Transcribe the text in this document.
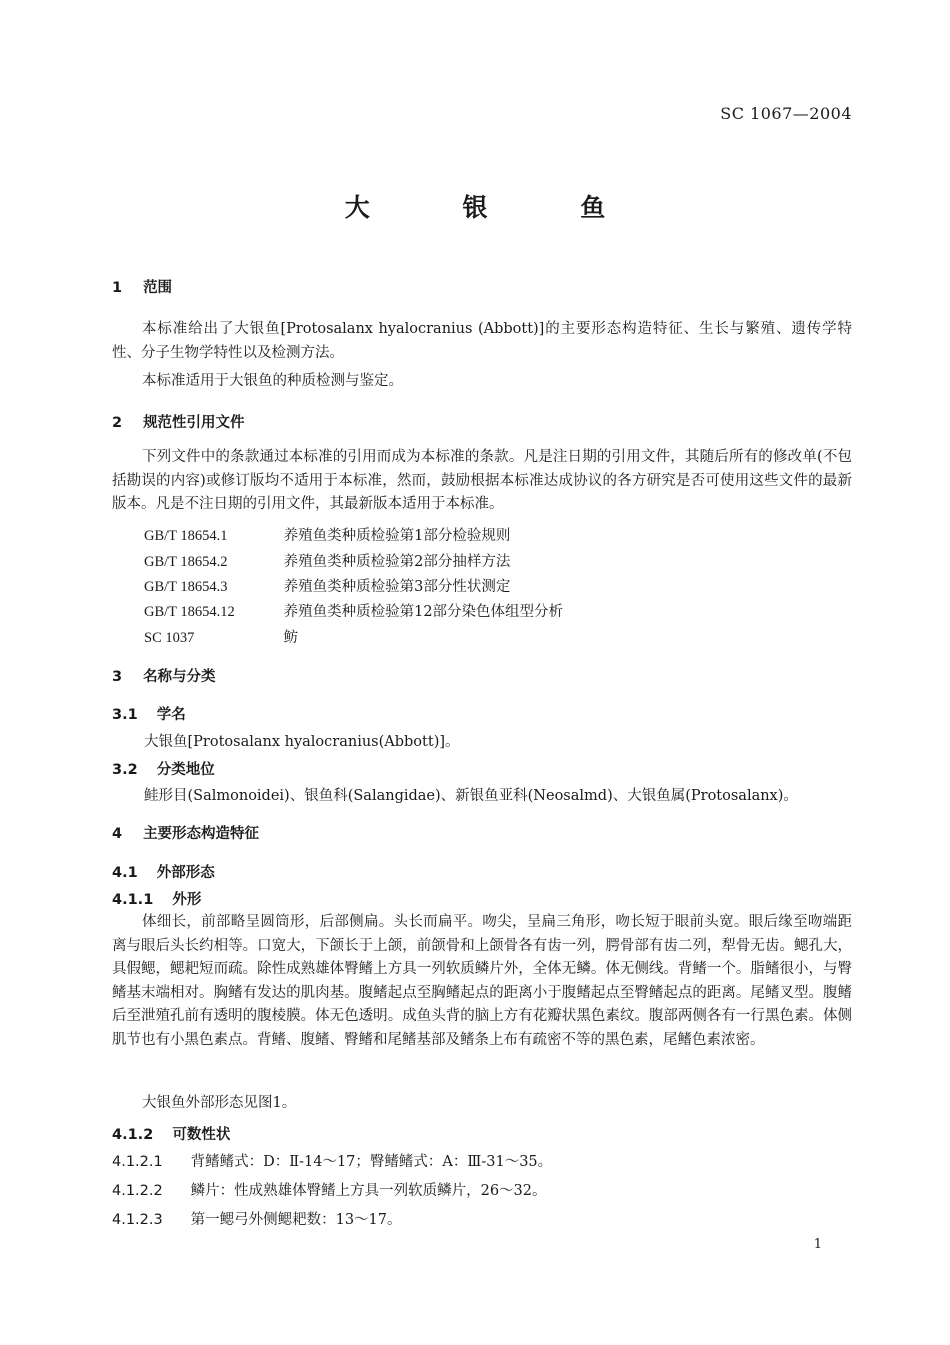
SC 1067—2004
大 银 鱼
1 范围
本标准给出了大银鱼[Protosalanx hyalocranius (Abbott)]的主要形态构造特征、生长与繁殖、遗传学特性、分子生物学特性以及检测方法。
本标准适用于大银鱼的种质检测与鉴定。
2 规范性引用文件
下列文件中的条款通过本标准的引用而成为本标准的条款。凡是注日期的引用文件，其随后所有的修改单(不包括勘误的内容)或修订版均不适用于本标准，然而，鼓励根据本标准达成协议的各方研究是否可使用这些文件的最新版本。凡是不注日期的引用文件，其最新版本适用于本标准。
GB/T 18654.1	养殖鱼类种质检验第1部分检验规则
GB/T 18654.2	养殖鱼类种质检验第2部分抽样方法
GB/T 18654.3	养殖鱼类种质检验第3部分性状测定
GB/T 18654.12	养殖鱼类种质检验第12部分染色体组型分析
SC 1037	鲂
3 名称与分类
3.1 学名
大银鱼[Protosalanx hyalocranius(Abbott)]。
3.2 分类地位
鲑形目(Salmonoidei)、银鱼科(Salangidae)、新银鱼亚科(Neosalmd)、大银鱼属(Protosalanx)。
4 主要形态构造特征
4.1 外部形态
4.1.1 外形
体细长，前部略呈圆筒形，后部侧扁。头长而扁平。吻尖，呈扁三角形，吻长短于眼前头宽。眼后缘至吻端距离与眼后头长约相等。口宽大，下颌长于上颌，前颌骨和上颌骨各有齿一列，腭骨部有齿二列，犁骨无齿。鳃孔大，具假鳃，鳃耙短而疏。除性成熟雄体臀鳍上方具一列软质鳞片外，全体无鳞。体无侧线。背鳍一个。脂鳍很小，与臀鳍基末端相对。胸鳍有发达的肌肉基。腹鳍起点至胸鳍起点的距离小于腹鳍起点至臀鳍起点的距离。尾鳍叉型。腹鳍后至泄殖孔前有透明的腹棱膜。体无色透明。成鱼头背的脑上方有花瓣状黑色素纹。腹部两侧各有一行黑色素。体侧肌节也有小黑色素点。背鳍、腹鳍、臀鳍和尾鳍基部及鳍条上布有疏密不等的黑色素，尾鳍色素浓密。
大银鱼外部形态见图1。
4.1.2 可数性状
4.1.2.1 背鳍鳍式：D：Ⅱ-14～17；臀鳍鳍式：A：Ⅲ-31～35。
4.1.2.2 鳞片：性成熟雄体臀鳍上方具一列软质鳞片，26～32。
4.1.2.3 第一鳃弓外侧鳃耙数：13～17。
1
